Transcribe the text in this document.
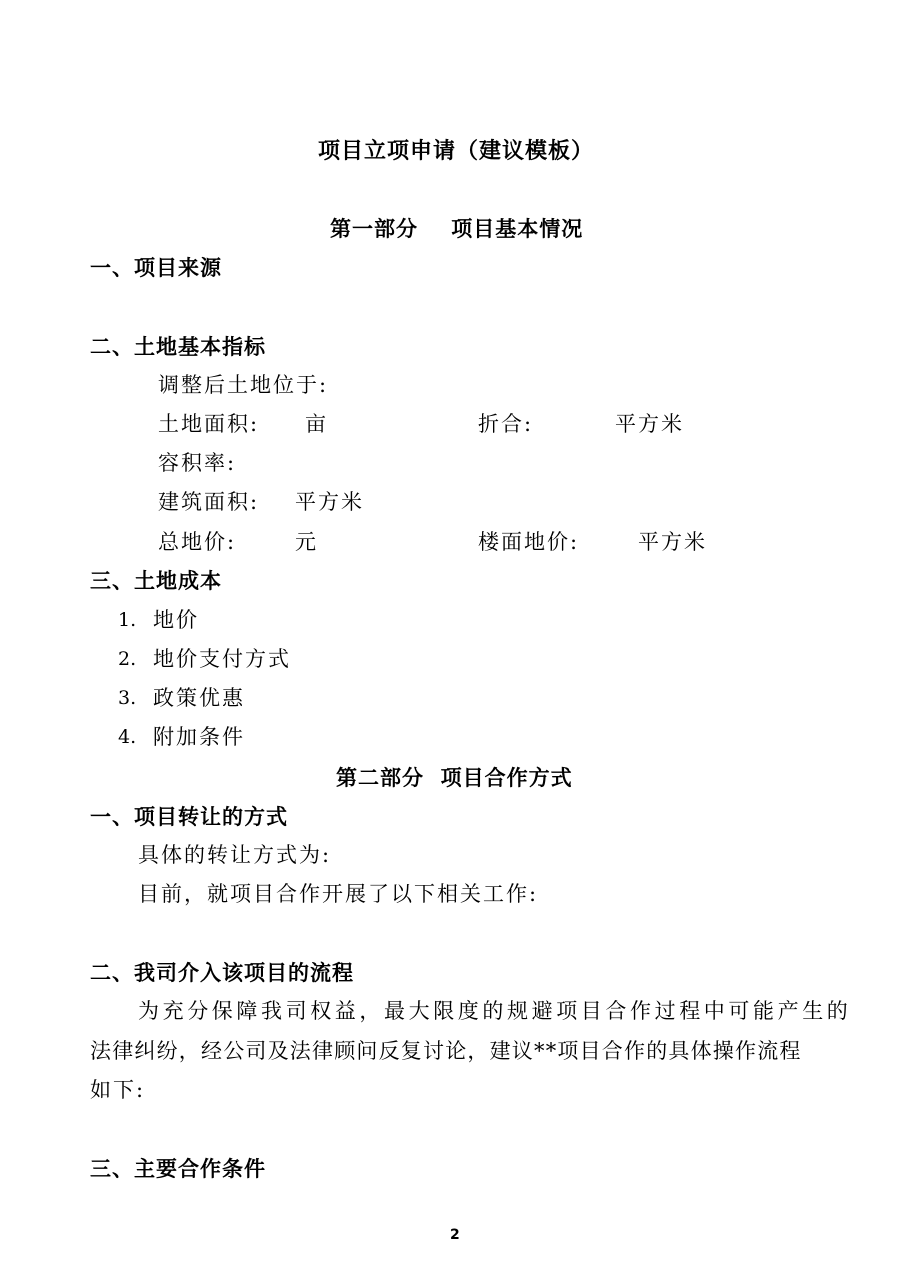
项目立项申请（建议模板）
第一部分    项目基本情况
一、项目来源
二、土地基本指标

调整后土地位于:

土地面积: 亩	折合:	平方米

容积率:

建筑面积: 平方米

总地价:	元	楼面地价:	平方米

三、土地成本
1. 地价
2. 地价支付方式
3. 政策优惠
4. 附加条件
第二部分  项目合作方式
一、项目转让的方式

具体的转让方式为:

目前，就项目合作开展了以下相关工作:

二、我司介入该项目的流程

为充分保障我司权益，最大限度的规避项目合作过程中可能产生的

法律纠纷，经公司及法律顾问反复讨论，建议**项目合作的具体操作流程

如下:

三、主要合作条件
2
